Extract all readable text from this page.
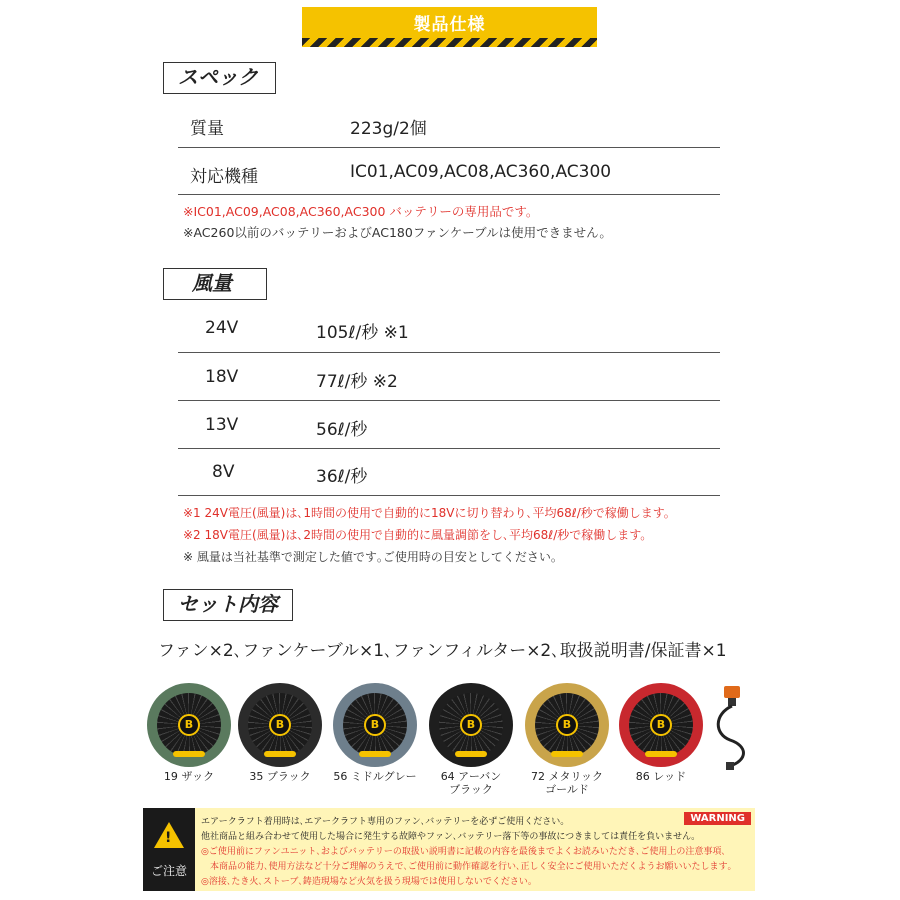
製品仕様
スペック
質量	223g/2個
対応機種	IC01,AC09,AC08,AC360,AC300
※IC01,AC09,AC08,AC360,AC300 バッテリーの専用品です。
※AC260以前のバッテリーおよびAC180ファンケーブルは使用できません。
風量
24V	105ℓ/秒 ※1
18V	77ℓ/秒 ※2
13V	56ℓ/秒
8V	36ℓ/秒
※1 24V電圧(風量)は､1時間の使用で自動的に18Vに切り替わり､平均68ℓ/秒で稼働します。
※2 18V電圧(風量)は､2時間の使用で自動的に風量調節をし､平均68ℓ/秒で稼働します。
※ 風量は当社基準で測定した値です｡ご使用時の目安としてください。
セット内容
ファン×2､ファンケーブル×1､ファンフィルター×2､取扱説明書/保証書×1
B
19 ザック
B
35 ブラック
B
56 ミドルグレー
B
64 アーバン
ブラック
B
72 メタリック
ゴールド
B
86 レッド
!
ご注意
WARNING
エアークラフト着用時は､エアークラフト専用のファン､バッテリーを必ずご使用ください｡
他社商品と組み合わせて使用した場合に発生する故障やファン､バッテリー落下等の事故につきましては責任を負いません｡
◎ご使用前にファンユニット､およびバッテリーの取扱い説明書に記載の内容を最後までよくお読みいただき､ご使用上の注意事項､
　本商品の能力､使用方法など十分ご理解のうえで､ご使用前に動作確認を行い､正しく安全にご使用いただくようお願いいたします｡
◎溶接､たき火､ストーブ､鋳造現場など火気を扱う現場では使用しないでください｡
